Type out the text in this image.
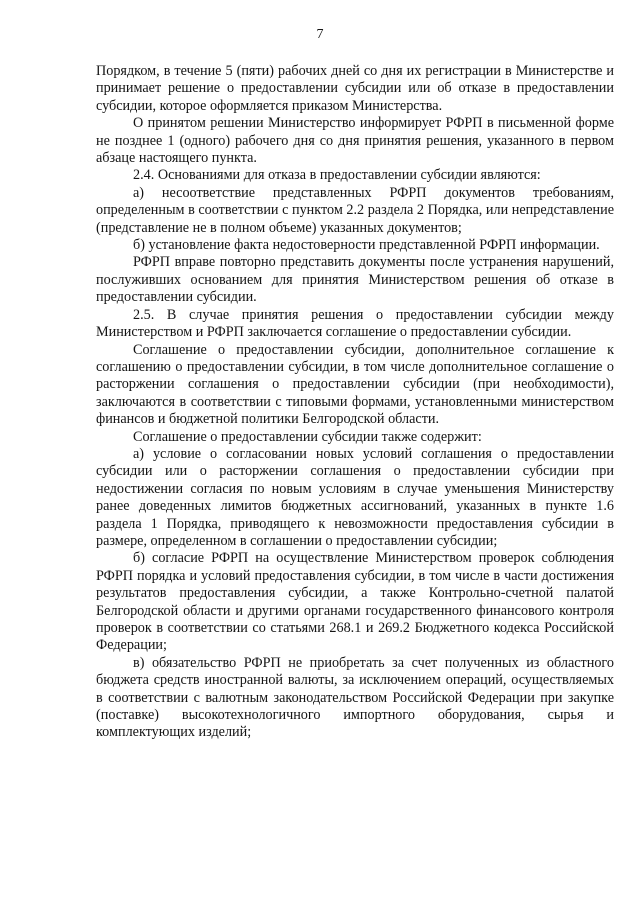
7

Порядком, в течение 5 (пяти) рабочих дней со дня их регистрации в Министерстве и принимает решение о предоставлении субсидии или об отказе в предоставлении субсидии, которое оформляется приказом Министерства.

О принятом решении Министерство информирует РФРП в письменной форме не позднее 1 (одного) рабочего дня со дня принятия решения, указанного в первом абзаце настоящего пункта.

2.4. Основаниями для отказа в предоставлении субсидии являются:

а) несоответствие представленных РФРП документов требованиям, определенным в соответствии с пунктом 2.2 раздела 2 Порядка, или непредставление (представление не в полном объеме) указанных документов;

б) установление факта недостоверности представленной РФРП информации.

РФРП вправе повторно представить документы после устранения нарушений, послуживших основанием для принятия Министерством решения об отказе в предоставлении субсидии.

2.5. В случае принятия решения о предоставлении субсидии между Министерством и РФРП заключается соглашение о предоставлении субсидии.

Соглашение о предоставлении субсидии, дополнительное соглашение к соглашению о предоставлении субсидии, в том числе дополнительное соглашение о расторжении соглашения о предоставлении субсидии (при необходимости), заключаются в соответствии с типовыми формами, установленными министерством финансов и бюджетной политики Белгородской области.

Соглашение о предоставлении субсидии также содержит:

а) условие о согласовании новых условий соглашения о предоставлении субсидии или о расторжении соглашения о предоставлении субсидии при недостижении согласия по новым условиям в случае уменьшения Министерству ранее доведенных лимитов бюджетных ассигнований, указанных в пункте 1.6 раздела 1 Порядка, приводящего к невозможности предоставления субсидии в размере, определенном в соглашении о предоставлении субсидии;

б) согласие РФРП на осуществление Министерством проверок соблюдения РФРП порядка и условий предоставления субсидии, в том числе в части достижения результатов предоставления субсидии, а также Контрольно-счетной палатой Белгородской области и другими органами государственного финансового контроля проверок в соответствии со статьями 268.1 и 269.2 Бюджетного кодекса Российской Федерации;

в) обязательство РФРП не приобретать за счет полученных из областного бюджета средств иностранной валюты, за исключением операций, осуществляемых в соответствии с валютным законодательством Российской Федерации при закупке (поставке) высокотехнологичного импортного оборудования, сырья и комплектующих изделий;
